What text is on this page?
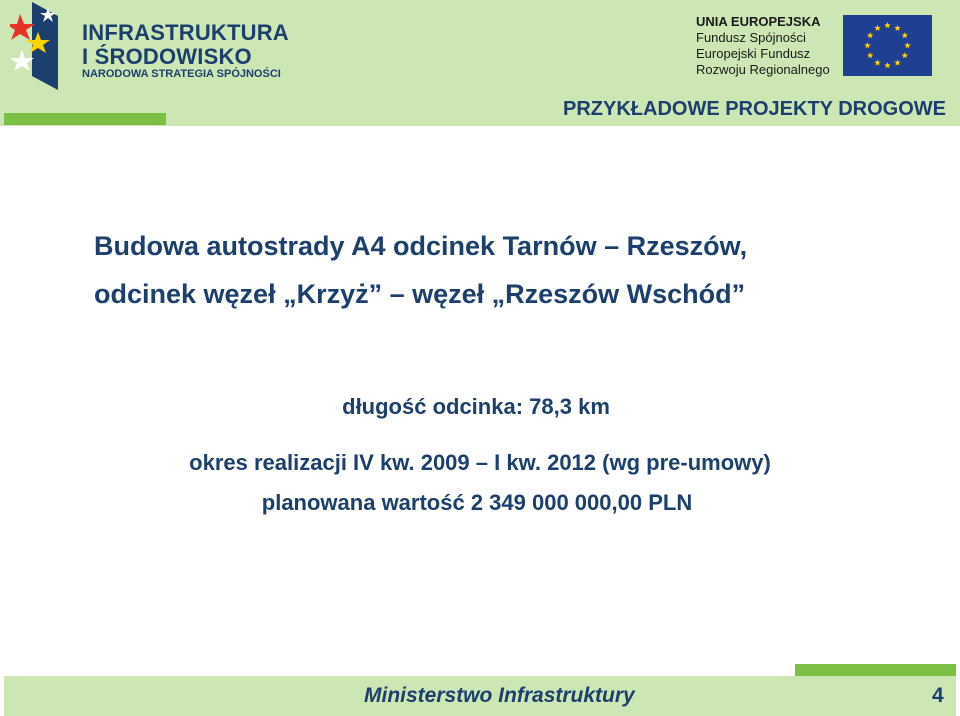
INFRASTRUKTURA
I ŚRODOWISKO
NARODOWA STRATEGIA SPÓJNOŚCI
UNIA EUROPEJSKA
Fundusz Spójności
Europejski Fundusz
Rozwoju Regionalnego
PRZYKŁADOWE PROJEKTY DROGOWE
Budowa autostrady A4 odcinek Tarnów – Rzeszów,
odcinek węzeł „Krzyż” – węzeł „Rzeszów Wschód”
długość odcinka: 78,3 km
okres realizacji IV kw. 2009 – I kw. 2012 (wg pre-umowy)
planowana wartość 2 349 000 000,00 PLN
Ministerstwo Infrastruktury	4
